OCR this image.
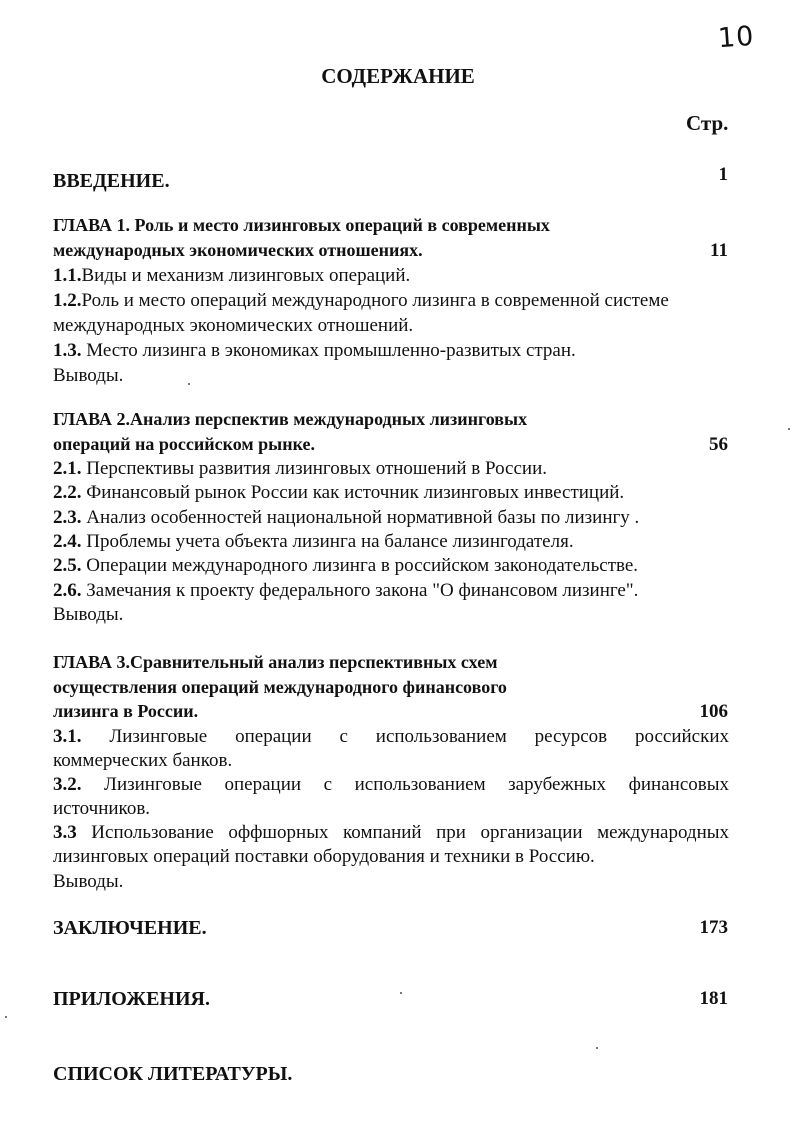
10
СОДЕРЖАНИЕ
Стр.
ВВЕДЕНИЕ.	1
ГЛАВА 1. Роль и место лизинговых операций в современных
международных экономических отношениях.	11
1.1.Виды и механизм лизинговых операций.
1.2.Роль и место операций международного лизинга в современной системе
международных экономических отношений.
1.3. Место лизинга в экономиках промышленно-развитых стран.
Выводы.
ГЛАВА 2.Анализ перспектив международных лизинговых
операций на российском рынке.	56
2.1. Перспективы развития лизинговых отношений в России.
2.2. Финансовый рынок России как источник лизинговых инвестиций.
2.3. Анализ особенностей национальной нормативной базы по лизингу .
2.4. Проблемы учета объекта лизинга на балансе лизингодателя.
2.5. Операции международного лизинга в российском законодательстве.
2.6. Замечания к проекту федерального закона "О финансовом лизинге".
Выводы.
ГЛАВА 3.Сравнительный анализ перспективных схем
осуществления операций международного финансового
лизинга в России.	106
3.1. Лизинговые операции с использованием ресурсов российских
коммерческих банков.
3.2. Лизинговые операции с использованием зарубежных финансовых
источников.
3.3 Использование оффшорных компаний при организации международных
лизинговых операций поставки оборудования и техники в Россию.
Выводы.
ЗАКЛЮЧЕНИЕ.	173
ПРИЛОЖЕНИЯ.	181
СПИСОК ЛИТЕРАТУРЫ.
